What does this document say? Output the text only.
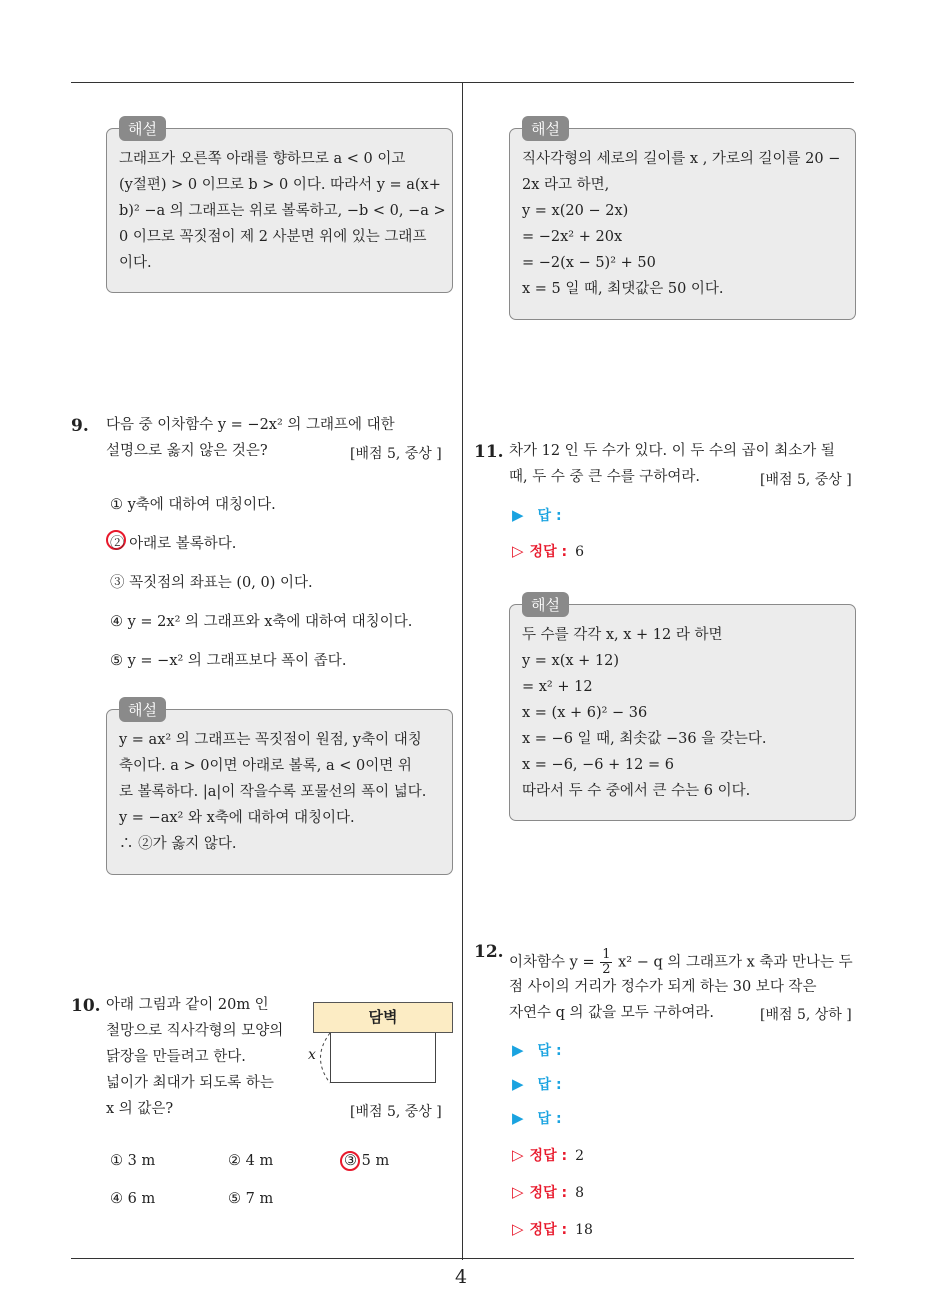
해설
그래프가 오른쪽 아래를 향하므로 a < 0 이고
(y절편) > 0 이므로 b > 0 이다. 따라서 y = a(x+
b)² −a 의 그래프는 위로 볼록하고, −b < 0, −a >
0 이므로 꼭짓점이 제 2 사분면 위에 있는 그래프
이다.
해설
직사각형의 세로의 길이를 x , 가로의 길이를 20 −
2x 라고 하면,
y = x(20 − 2x)
= −2x² + 20x
= −2(x − 5)² + 50
x = 5 일 때, 최댓값은 50 이다.
9. 다음 중 이차함수 y = −2x² 의 그래프에 대한
설명으로 옳지 않은 것은?	[배점 5, 중상 ]
① y축에 대하여 대칭이다.
② 아래로 볼록하다.
③ 꼭짓점의 좌표는 (0, 0) 이다.
④ y = 2x² 의 그래프와 x축에 대하여 대칭이다.
⑤ y = −x² 의 그래프보다 폭이 좁다.
해설
y = ax² 의 그래프는 꼭짓점이 원점, y축이 대칭
축이다. a > 0이면 아래로 볼록, a < 0이면 위
로 볼록하다. |a|이 작을수록 포물선의 폭이 넓다.
y = −ax² 와 x축에 대하여 대칭이다.
∴ ②가 옳지 않다.
10. 아래 그림과 같이 20m 인
철망으로 직사각형의 모양의
닭장을 만들려고 한다.
넓이가 최대가 되도록 하는
x 의 값은?	[배점 5, 중상 ]
담벽
x
① 3 m	② 4 m	③ 5 m
④ 6 m	⑤ 7 m
11. 차가 12 인 두 수가 있다. 이 두 수의 곱이 최소가 될
때, 두 수 중 큰 수를 구하여라.	[배점 5, 중상 ]
▶ 답 :
▷ 정답 : 6
해설
두 수를 각각 x, x + 12 라 하면
y = x(x + 12)
= x² + 12
x = (x + 6)² − 36
x = −6 일 때, 최솟값 −36 을 갖는다.
x = −6, −6 + 12 = 6
따라서 두 수 중에서 큰 수는 6 이다.
12.
이차함수 $y = \frac{1}{2} x^2 - q$ 의 그래프가 x 축과 만나는 두
점 사이의 거리가 정수가 되게 하는 30 보다 작은
자연수 q 의 값을 모두 구하여라.	[배점 5, 상하 ]
▶ 답 :
▶ 답 :
▶ 답 :
▷ 정답 : 2
▷ 정답 : 8
▷ 정답 : 18
4
